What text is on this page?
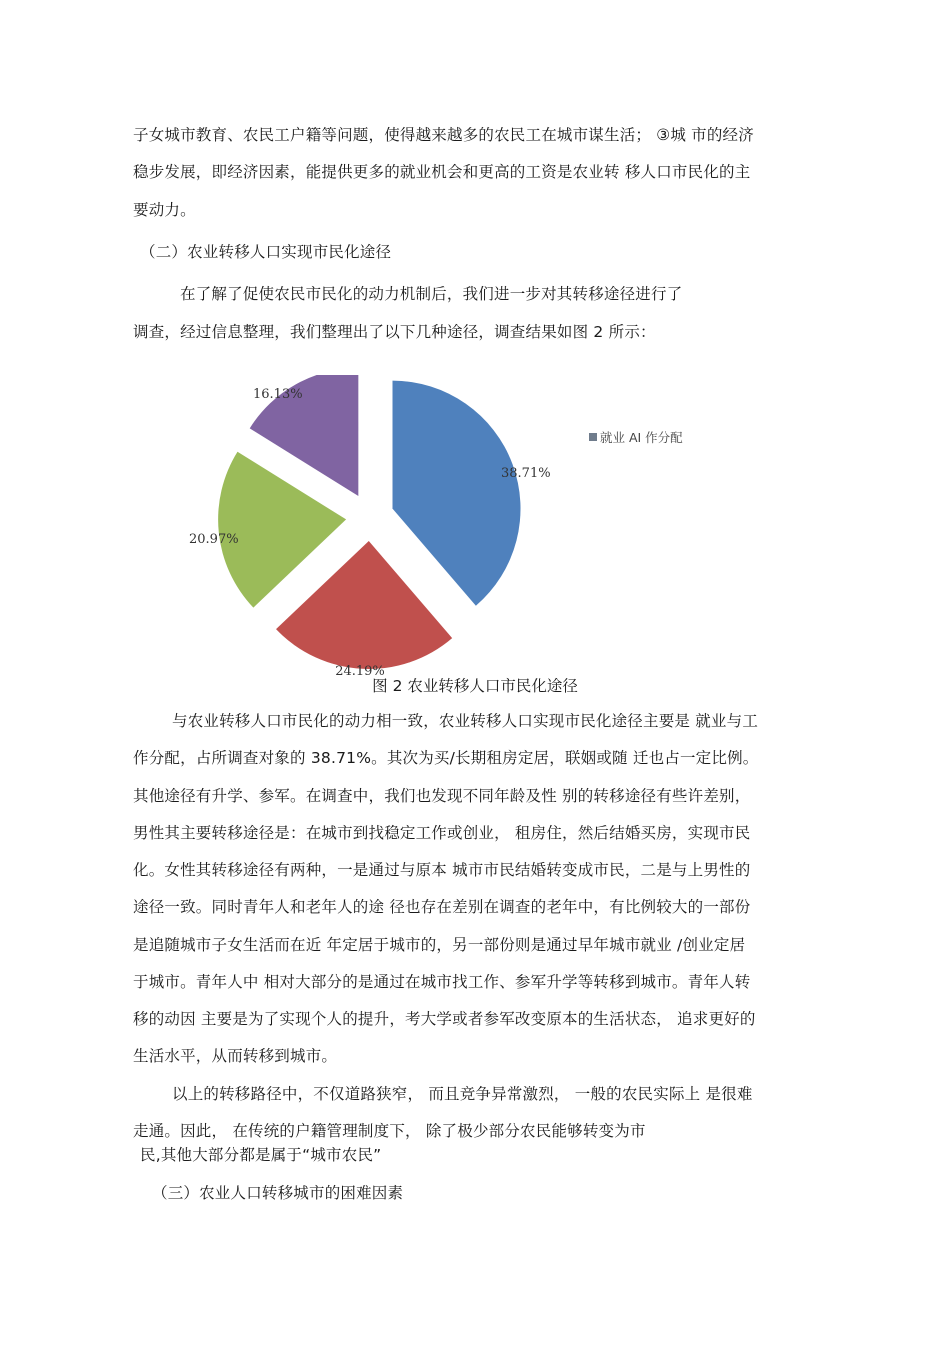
子女城市教育、农民工户籍等问题，使得越来越多的农民工在城市谋生活； ③城 市的经济
稳步发展，即经济因素，能提供更多的就业机会和更高的工资是农业转 移人口市民化的主
要动力。
（二）农业转移人口实现市民化途径
在了解了促使农民市民化的动力机制后，我们进一步对其转移途径进行了
调查，经过信息整理，我们整理出了以下几种途径，调查结果如图 2 所示：
38.71%
24.19%
20.97%
16.13%
就业 AI 作分配
图 2 农业转移人口市民化途径
与农业转移人口市民化的动力相一致，农业转移人口实现市民化途径主要是 就业与工
作分配，占所调查对象的 38.71%。其次为买/长期租房定居，联姻或随 迁也占一定比例。
其他途径有升学、参军。在调查中，我们也发现不同年龄及性 别的转移途径有些许差别，
男性其主要转移途径是：在城市到找稳定工作或创业， 租房住，然后结婚买房，实现市民
化。女性其转移途径有两种，一是通过与原本 城市市民结婚转变成市民，二是与上男性的
途径一致。同时青年人和老年人的途 径也存在差别在调查的老年中，有比例较大的一部份
是追随城市子女生活而在近 年定居于城市的，另一部份则是通过早年城市就业 /创业定居
于城市。青年人中 相对大部分的是通过在城市找工作、参军升学等转移到城市。青年人转
移的动因 主要是为了实现个人的提升，考大学或者参军改变原本的生活状态， 追求更好的
生活水平，从而转移到城市。
以上的转移路径中，不仅道路狭窄， 而且竞争异常激烈， 一般的农民实际上 是很难
走通。因此， 在传统的户籍管理制度下， 除了极少部分农民能够转变为市
民,其他大部分都是属于“城市农民”
（三）农业人口转移城市的困难因素
